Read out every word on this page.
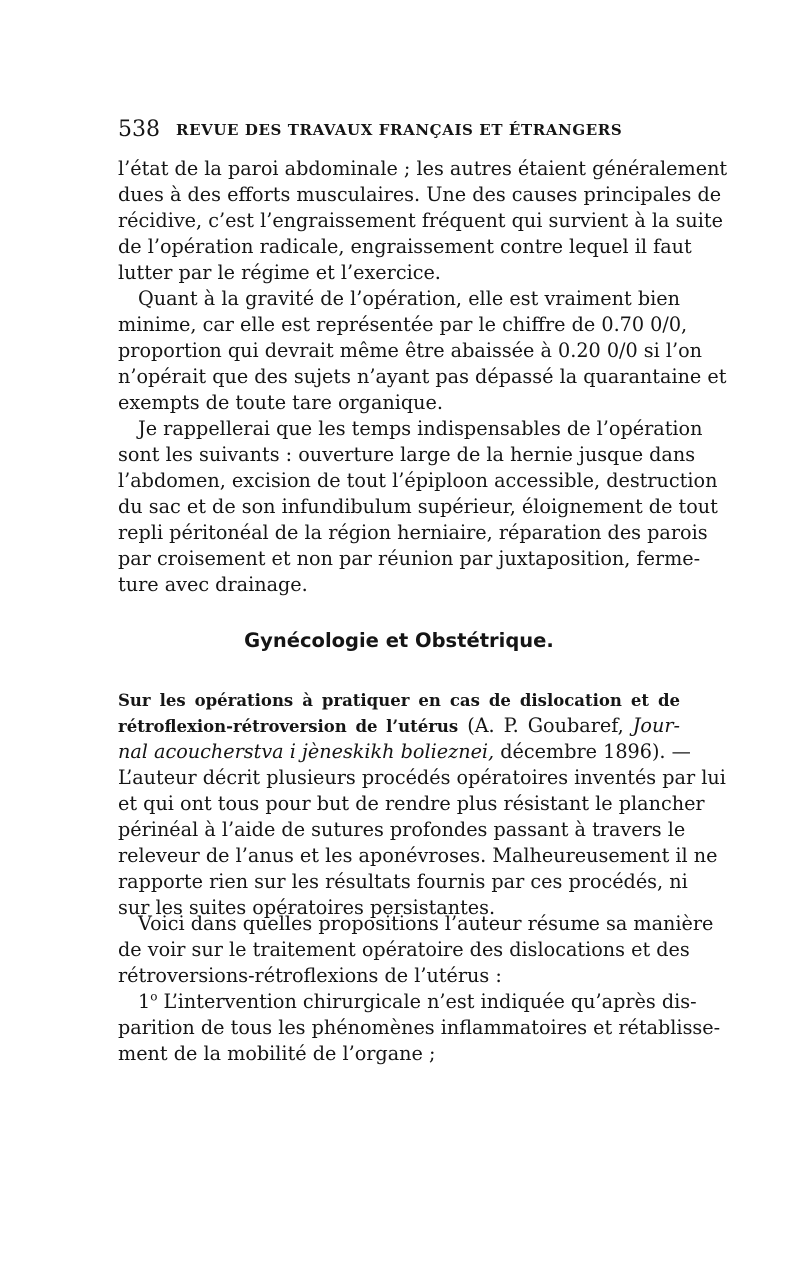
538 REVUE DES TRAVAUX FRANÇAIS ET ÉTRANGERS
l’état de la paroi abdominale ; les autres étaient généralement
dues à des efforts musculaires. Une des causes principales de
récidive, c’est l’engraissement fréquent qui survient à la suite
de l’opération radicale, engraissement contre lequel il faut
lutter par le régime et l’exercice.
Quant à la gravité de l’opération, elle est vraiment bien
minime, car elle est représentée par le chiffre de 0.70 0/0,
proportion qui devrait même être abaissée à 0.20 0/0 si l’on
n’opérait que des sujets n’ayant pas dépassé la quarantaine et
exempts de toute tare organique.
Je rappellerai que les temps indispensables de l’opération
sont les suivants : ouverture large de la hernie jusque dans
l’abdomen, excision de tout l’épiploon accessible, destruction
du sac et de son infundibulum supérieur, éloignement de tout
repli péritonéal de la région herniaire, réparation des parois
par croisement et non par réunion par juxtaposition, ferme-
ture avec drainage.
Gynécologie et Obstétrique.
Sur les opérations à pratiquer en cas de dislocation et de
rétroflexion-rétroversion de l’utérus (A. P. Goubaref, Jour-
nal acoucherstva i jèneskikh bolieznei, décembre 1896). —
L’auteur décrit plusieurs procédés opératoires inventés par lui
et qui ont tous pour but de rendre plus résistant le plancher
périnéal à l’aide de sutures profondes passant à travers le
releveur de l’anus et les aponévroses. Malheureusement il ne
rapporte rien sur les résultats fournis par ces procédés, ni
sur les suites opératoires persistantes.
Voici dans quelles propositions l’auteur résume sa manière
de voir sur le traitement opératoire des dislocations et des
rétroversions-rétroflexions de l’utérus :
1$^o$ L’intervention chirurgicale n’est indiquée qu’après dis-
parition de tous les phénomènes inflammatoires et rétablisse-
ment de la mobilité de l’organe ;
